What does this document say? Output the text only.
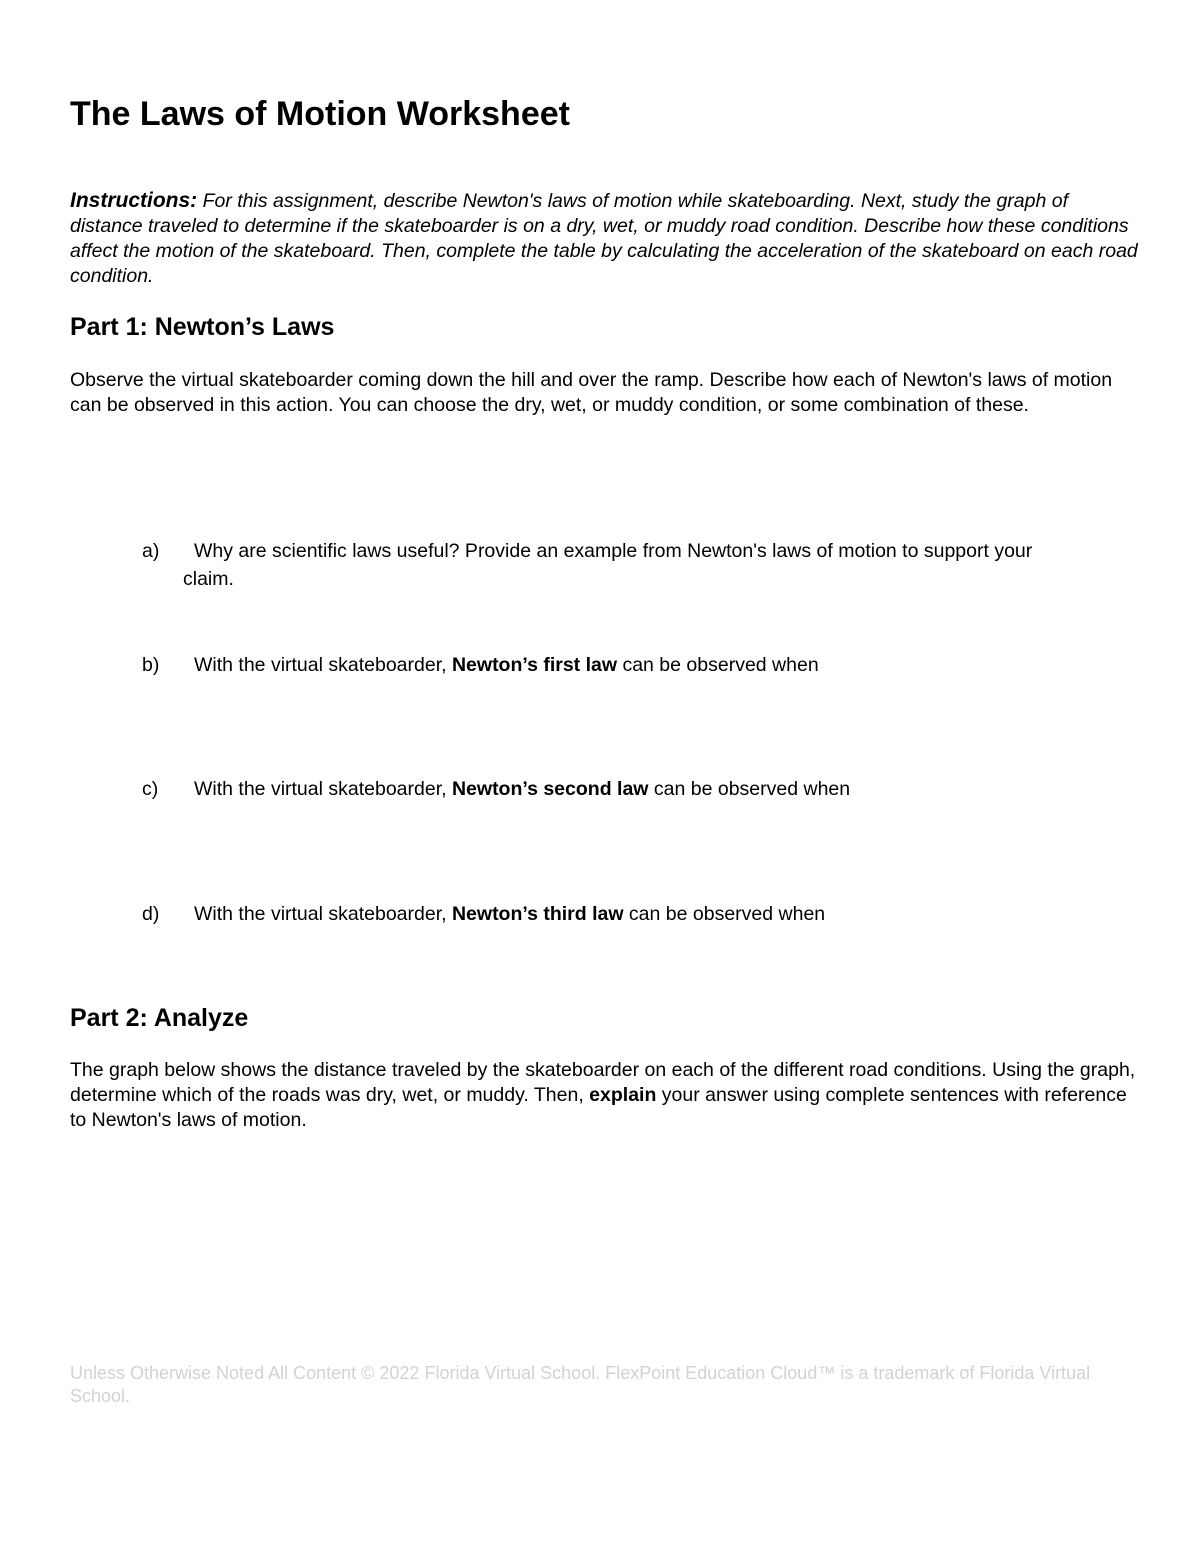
The Laws of Motion Worksheet

Instructions: For this assignment, describe Newton's laws of motion while skateboarding. Next, study the graph of distance traveled to determine if the skateboarder is on a dry, wet, or muddy road condition. Describe how these conditions affect the motion of the skateboard. Then, complete the table by calculating the acceleration of the skateboard on each road condition.

Part 1: Newton’s Laws

Observe the virtual skateboarder coming down the hill and over the ramp. Describe how each of Newton's laws of motion can be observed in this action. You can choose the dry, wet, or muddy condition, or some combination of these.

a) Why are scientific laws useful? Provide an example from Newton's laws of motion to support your
claim.
b) With the virtual skateboarder, Newton’s first law can be observed when
c) With the virtual skateboarder, Newton’s second law can be observed when
d) With the virtual skateboarder, Newton’s third law can be observed when
Part 2: Analyze

The graph below shows the distance traveled by the skateboarder on each of the different road conditions. Using the graph, determine which of the roads was dry, wet, or muddy. Then, explain your answer using complete sentences with reference to Newton's laws of motion.

Unless Otherwise Noted All Content © 2022 Florida Virtual School. FlexPoint Education Cloud™ is a trademark of Florida Virtual School.
